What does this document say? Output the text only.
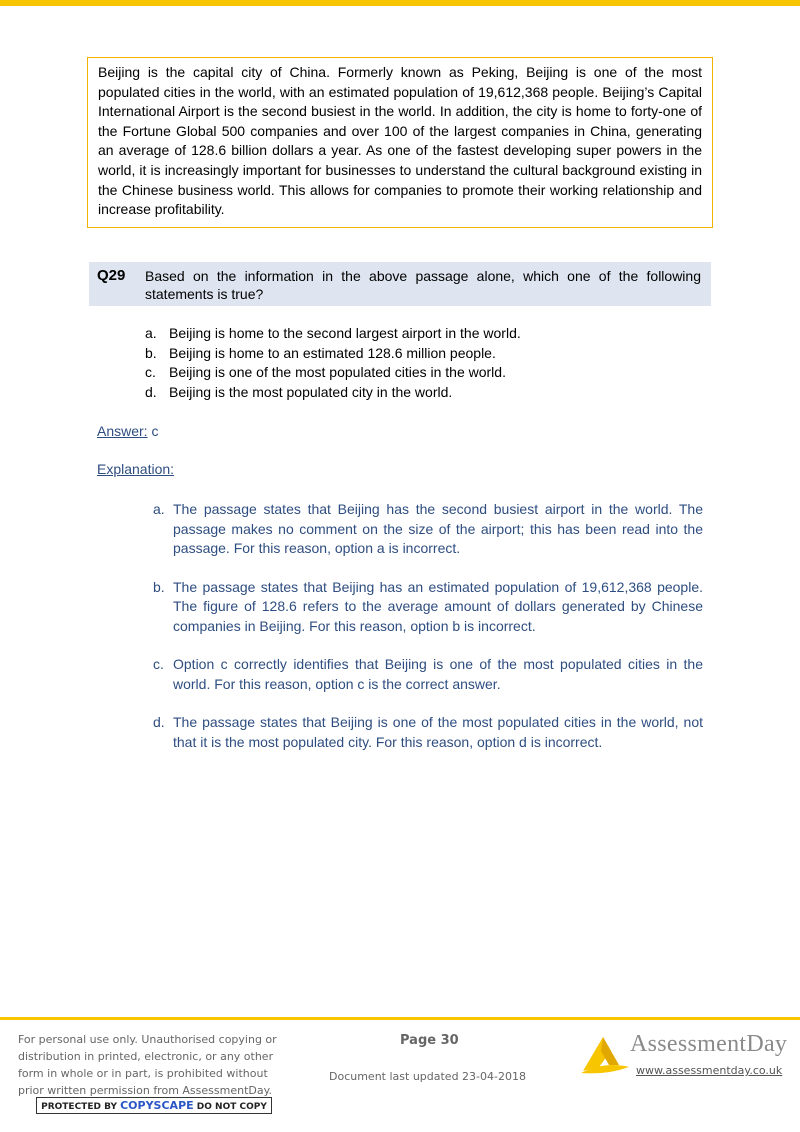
Beijing is the capital city of China. Formerly known as Peking, Beijing is one of the most populated cities in the world, with an estimated population of 19,612,368 people. Beijing’s Capital International Airport is the second busiest in the world. In addition, the city is home to forty-one of the Fortune Global 500 companies and over 100 of the largest companies in China, generating an average of 128.6 billion dollars a year. As one of the fastest developing super powers in the world, it is increasingly important for businesses to understand the cultural background existing in the Chinese business world. This allows for companies to promote their working relationship and increase profitability.
Q29 Based on the information in the above passage alone, which one of the following statements is true?
a. Beijing is home to the second largest airport in the world.
b. Beijing is home to an estimated 128.6 million people.
c. Beijing is one of the most populated cities in the world.
d. Beijing is the most populated city in the world.
Answer: c
Explanation:
a. The passage states that Beijing has the second busiest airport in the world. The passage makes no comment on the size of the airport; this has been read into the passage. For this reason, option a is incorrect.
b. The passage states that Beijing has an estimated population of 19,612,368 people. The figure of 128.6 refers to the average amount of dollars generated by Chinese companies in Beijing. For this reason, option b is incorrect.
c. Option c correctly identifies that Beijing is one of the most populated cities in the world. For this reason, option c is the correct answer.
d. The passage states that Beijing is one of the most populated cities in the world, not that it is the most populated city. For this reason, option d is incorrect.
For personal use only. Unauthorised copying or distribution in printed, electronic, or any other form in whole or in part, is prohibited without prior written permission from AssessmentDay.
PROTECTED BY COPYSCAPE DO NOT COPY
Page 30
Document last updated 23-04-2018
AssessmentDay
www.assessmentday.co.uk
